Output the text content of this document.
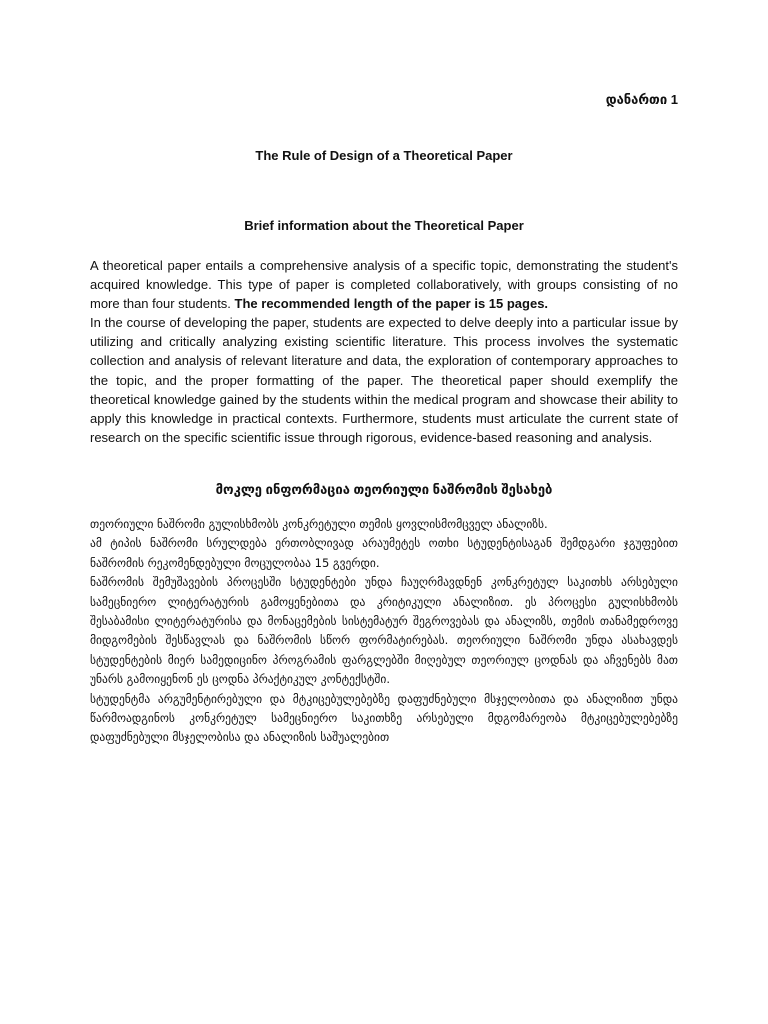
დანართი 1
The Rule of Design of a Theoretical Paper
Brief information about the Theoretical Paper

A theoretical paper entails a comprehensive analysis of a specific topic, demonstrating the student's acquired knowledge. This type of paper is completed collaboratively, with groups consisting of no more than four students. The recommended length of the paper is 15 pages.

In the course of developing the paper, students are expected to delve deeply into a particular issue by utilizing and critically analyzing existing scientific literature. This process involves the systematic collection and analysis of relevant literature and data, the exploration of contemporary approaches to the topic, and the proper formatting of the paper. The theoretical paper should exemplify the theoretical knowledge gained by the students within the medical program and showcase their ability to apply this knowledge in practical contexts. Furthermore, students must articulate the current state of research on the specific scientific issue through rigorous, evidence-based reasoning and analysis.

მოკლე ინფორმაცია თეორიული ნაშრომის შესახებ

თეორიული ნაშრომი გულისხმობს კონკრეტული თემის ყოვლისმომცველ ანალიზს.

ამ ტიპის ნაშრომი სრულდება ერთობლივად არაუმეტეს ოთხი სტუდენტისაგან შემდგარი ჯგუფებით ნაშრომის რეკომენდებული მოცულობაა 15 გვერდი.

ნაშრომის შემუშავების პროცესში სტუდენტები უნდა ჩაუღრმავდნენ კონკრეტულ საკითხს არსებული სამეცნიერო ლიტერატურის გამოყენებითა და კრიტიკული ანალიზით. ეს პროცესი გულისხმობს შესაბამისი ლიტერატურისა და მონაცემების სისტემატურ შეგროვებას და ანალიზს, თემის თანამედროვე მიდგომების შესწავლას და ნაშრომის სწორ ფორმატირებას. თეორიული ნაშრომი უნდა ასახავდეს სტუდენტების მიერ სამედიცინო პროგრამის ფარგლებში მიღებულ თეორიულ ცოდნას და აჩვენებს მათ უნარს გამოიყენონ ეს ცოდნა პრაქტიკულ კონტექსტში.

სტუდენტმა არგუმენტირებული და მტკიცებულებებზე დაფუძნებული მსჯელობითა და ანალიზით უნდა წარმოადგინოს კონკრეტულ სამეცნიერო საკითხზე არსებული მდგომარეობა მტკიცებულებებზე დაფუძნებული მსჯელობისა და ანალიზის საშუალებით
